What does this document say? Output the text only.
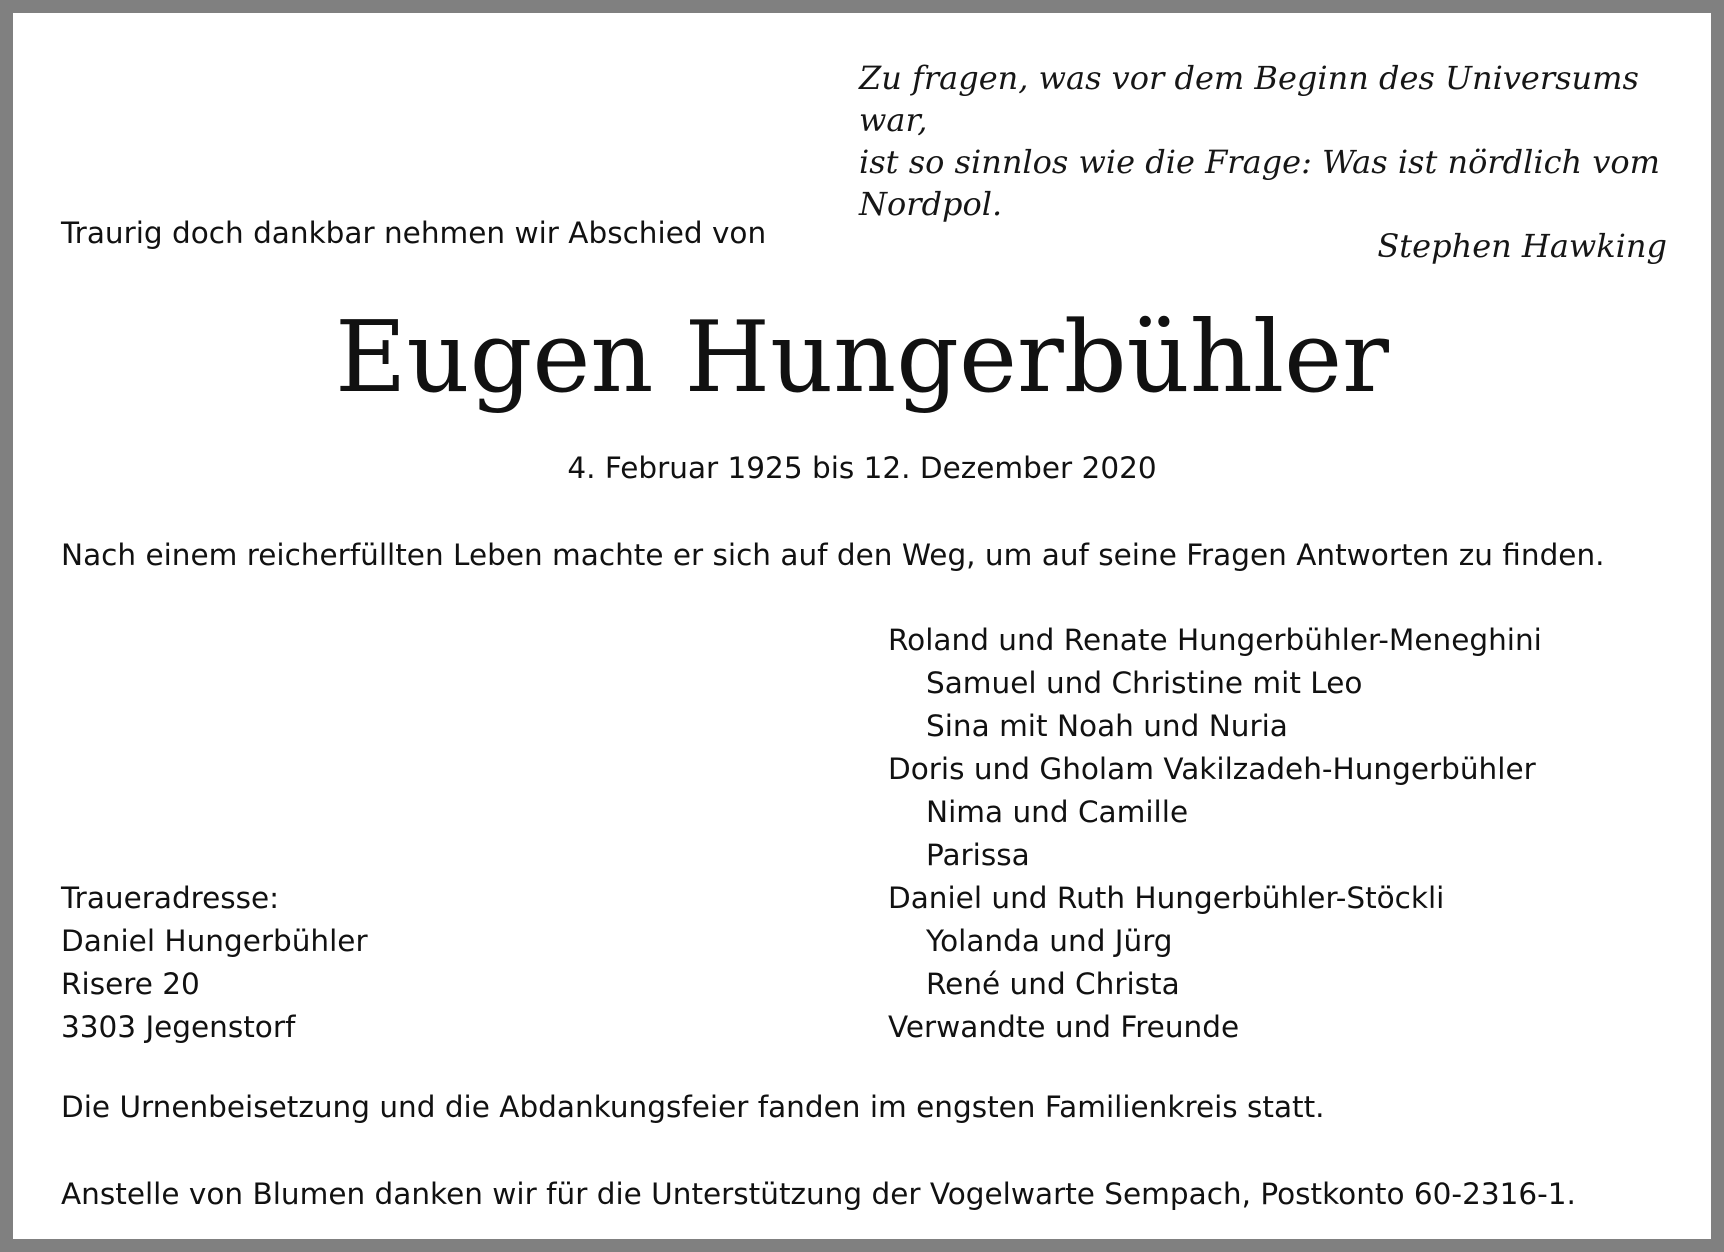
Zu fragen, was vor dem Beginn des Universums war,
ist so sinnlos wie die Frage: Was ist nördlich vom Nordpol.
Stephen Hawking
Traurig doch dankbar nehmen wir Abschied von
Eugen Hungerbühler
4. Februar 1925 bis 12. Dezember 2020
Nach einem reicherfüllten Leben machte er sich auf den Weg, um auf seine Fragen Antworten zu finden.
Roland und Renate Hungerbühler-Meneghini
Samuel und Christine mit Leo
Sina mit Noah und Nuria
Doris und Gholam Vakilzadeh-Hungerbühler
Nima und Camille
Parissa
Daniel und Ruth Hungerbühler-Stöckli
Yolanda und Jürg
René und Christa
Verwandte und Freunde
Traueradresse:
Daniel Hungerbühler
Risere 20
3303 Jegenstorf
Die Urnenbeisetzung und die Abdankungsfeier fanden im engsten Familienkreis statt.
Anstelle von Blumen danken wir für die Unterstützung der Vogelwarte Sempach, Postkonto 60-2316-1.
